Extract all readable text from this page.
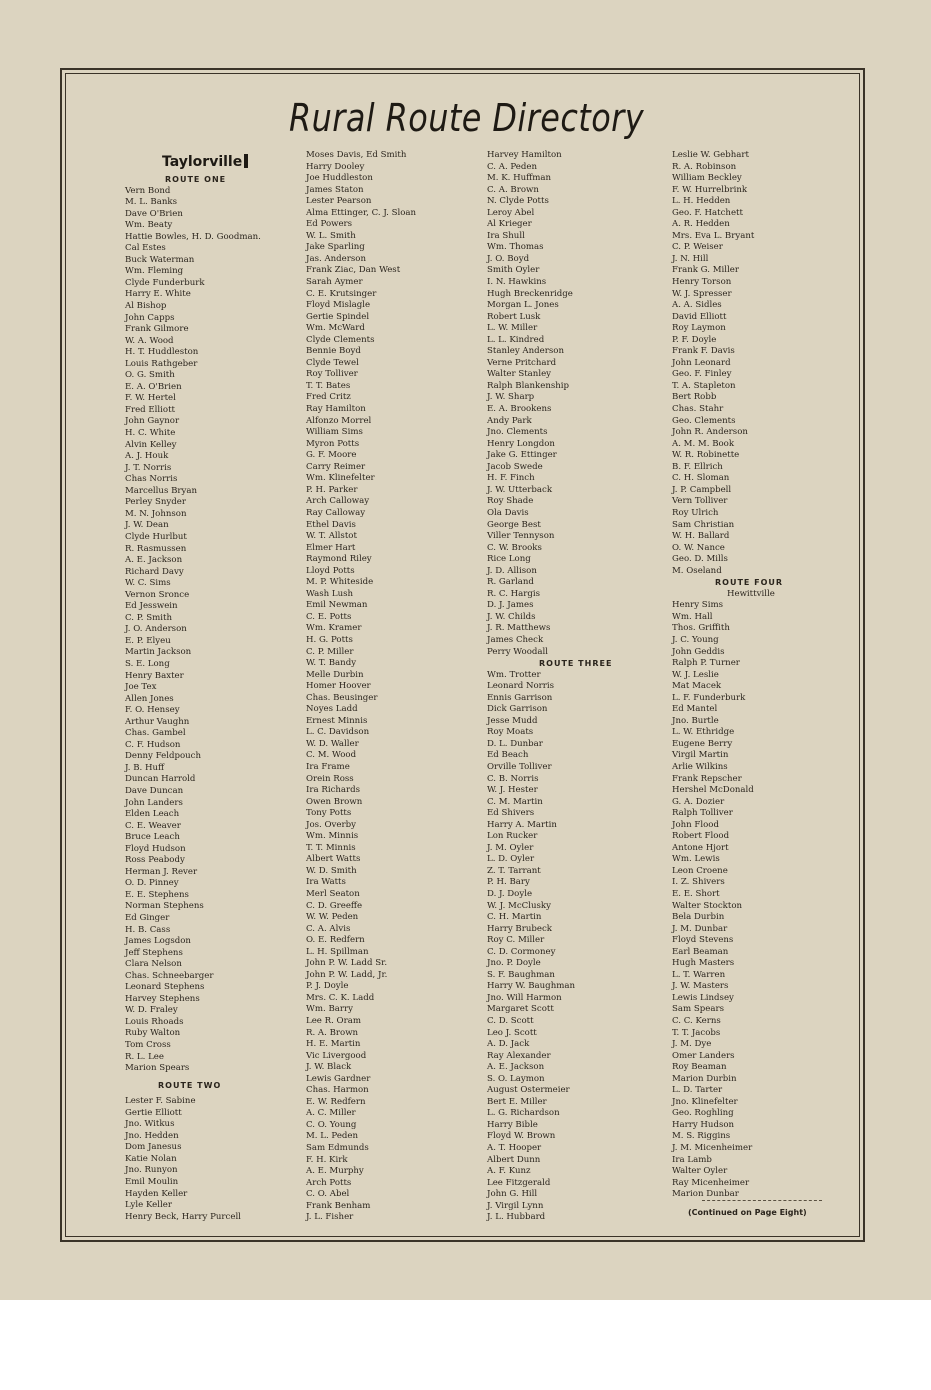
Rural Route Directory
Taylorville
ROUTE ONE
Vern Bond
M. L. Banks
Dave O'Brien
Wm. Beaty
Hattie Bowles, H. D. Goodman.
Cal Estes
Buck Waterman
Wm. Fleming
Clyde Funderburk
Harry E. White
Al Bishop
John Capps
Frank Gilmore
W. A. Wood
H. T. Huddleston
Louis Rathgeber
O. G. Smith
E. A. O'Brien
F. W. Hertel
Fred Elliott
John Gaynor
H. C. White
Alvin Kelley
A. J. Houk
J. T. Norris
Chas Norris
Marcellus Bryan
Perley Snyder
M. N. Johnson
J. W. Dean
Clyde Hurlbut
R. Rasmussen
A. E. Jackson
Richard Davy
W. C. Sims
Vernon Sronce
Ed Jesswein
C. P. Smith
J. O. Anderson
E. P. Elyeu
Martin Jackson
S. E. Long
Henry Baxter
Joe Tex
Allen Jones
F. O. Hensey
Arthur Vaughn
Chas. Gambel
C. F. Hudson
Denny Feldpouch
J. B. Huff
Duncan Harrold
Dave Duncan
John Landers
Elden Leach
C. E. Weaver
Bruce Leach
Floyd Hudson
Ross Peabody
Herman J. Rever
O. D. Pinney
E. E. Stephens
Norman Stephens
Ed Ginger
H. B. Cass
James Logsdon
Jeff Stephens
Clara Nelson
Chas. Schneebarger
Leonard Stephens
Harvey Stephens
W. D. Fraley
Louis Rhoads
Ruby Walton
Tom Cross
R. L. Lee
Marion Spears
ROUTE TWO
Lester F. Sabine
Gertie Elliott
Jno. Witkus
Jno. Hedden
Dom Janesus
Katie Nolan
Jno. Runyon
Emil Moulin
Hayden Keller
Lyle Keller
Henry Beck, Harry Purcell
Moses Davis, Ed Smith
Harry Dooley
Joe Huddleston
James Staton
Lester Pearson
Alma Ettinger, C. J. Sloan
Ed Powers
W. L. Smith
Jake Sparling
Jas. Anderson
Frank Ziac, Dan West
Sarah Aymer
C. E. Krutsinger
Floyd Mislagle
Gertie Spindel
Wm. McWard
Clyde Clements
Bennie Boyd
Clyde Tewel
Roy Tolliver
T. T. Bates
Fred Critz
Ray Hamilton
Alfonzo Morrel
William Sims
Myron Potts
G. F. Moore
Carry Reimer
Wm. Klinefelter
P. H. Parker
Arch Calloway
Ray Calloway
Ethel Davis
W. T. Allstot
Elmer Hart
Raymond Riley
Lloyd Potts
M. P. Whiteside
Wash Lush
Emil Newman
C. E. Potts
Wm. Kramer
H. G. Potts
C. P. Miller
W. T. Bandy
Melle Durbin
Homer Hoover
Chas. Beusinger
Noyes Ladd
Ernest Minnis
L. C. Davidson
W. D. Waller
C. M. Wood
Ira Frame
Orein Ross
Ira Richards
Owen Brown
Tony Potts
Jos. Overby
Wm. Minnis
T. T. Minnis
Albert Watts
W. D. Smith
Ira Watts
Merl Seaton
C. D. Greeffe
W. W. Peden
C. A. Alvis
O. E. Redfern
L. H. Spillman
John P. W. Ladd Sr.
John P. W. Ladd, Jr.
P. J. Doyle
Mrs. C. K. Ladd
Wm. Barry
Lee R. Oram
R. A. Brown
H. E. Martin
Vic Livergood
J. W. Black
Lewis Gardner
Chas. Harmon
E. W. Redfern
A. C. Miller
C. O. Young
M. L. Peden
Sam Edmunds
F. H. Kirk
A. E. Murphy
Arch Potts
C. O. Abel
Frank Benham
J. L. Fisher
Harvey Hamilton
C. A. Peden
M. K. Huffman
C. A. Brown
N. Clyde Potts
Leroy Abel
Al Krieger
Ira Shull
Wm. Thomas
J. O. Boyd
Smith Oyler
I. N. Hawkins
Hugh Breckenridge
Morgan L. Jones
Robert Lusk
L. W. Miller
L. L. Kindred
Stanley Anderson
Verne Pritchard
Walter Stanley
Ralph Blankenship
J. W. Sharp
E. A. Brookens
Andy Park
Jno. Clements
Henry Longdon
Jake G. Ettinger
Jacob Swede
H. F. Finch
J. W. Utterback
Roy Shade
Ola Davis
George Best
Viller Tennyson
C. W. Brooks
Rice Long
J. D. Allison
R. Garland
R. C. Hargis
D. J. James
J. W. Childs
J. R. Matthews
James Check
Perry Woodall
ROUTE THREE
Wm. Trotter
Leonard Norris
Ennis Garrison
Dick Garrison
Jesse Mudd
Roy Moats
D. L. Dunbar
Ed Beach
Orville Tolliver
C. B. Norris
W. J. Hester
C. M. Martin
Ed Shivers
Harry A. Martin
Lon Rucker
J. M. Oyler
L. D. Oyler
Z. T. Tarrant
P. H. Bary
D. J. Doyle
W. J. McClusky
C. H. Martin
Harry Brubeck
Roy C. Miller
C. D. Cormoney
Jno. P. Doyle
S. F. Baughman
Harry W. Baughman
Jno. Will Harmon
Margaret Scott
C. D. Scott
Leo J. Scott
A. D. Jack
Ray Alexander
A. E. Jackson
S. O. Laymon
August Ostermeier
Bert E. Miller
L. G. Richardson
Harry Bible
Floyd W. Brown
A. T. Hooper
Albert Dunn
A. F. Kunz
Lee Fitzgerald
John G. Hill
J. Virgil Lynn
J. L. Hubbard
Leslie W. Gebhart
R. A. Robinson
William Beckley
F. W. Hurrelbrink
L. H. Hedden
Geo. F. Hatchett
A. R. Hedden
Mrs. Eva L. Bryant
C. P. Weiser
J. N. Hill
Frank G. Miller
Henry Torson
W. J. Spresser
A. A. Sidles
David Elliott
Roy Laymon
P. F. Doyle
Frank F. Davis
John Leonard
Geo. F. Finley
T. A. Stapleton
Bert Robb
Chas. Stahr
Geo. Clements
John R. Anderson
A. M. M. Book
W. R. Robinette
B. F. Ellrich
C. H. Sloman
J. P. Campbell
Vern Tolliver
Roy Ulrich
Sam Christian
W. H. Ballard
O. W. Nance
Geo. D. Mills
M. Oseland
ROUTE FOUR
Hewittville
Henry Sims
Wm. Hall
Thos. Griffith
J. C. Young
John Geddis
Ralph P. Turner
W. J. Leslie
Mat Macek
L. F. Funderburk
Ed Mantel
Jno. Burtle
L. W. Ethridge
Eugene Berry
Virgil Martin
Arlie Wilkins
Frank Repscher
Hershel McDonald
G. A. Dozier
Ralph Tolliver
John Flood
Robert Flood
Antone Hjort
Wm. Lewis
Leon Croene
I. Z. Shivers
E. E. Short
Walter Stockton
Bela Durbin
J. M. Dunbar
Floyd Stevens
Earl Beaman
Hugh Masters
L. T. Warren
J. W. Masters
Lewis Lindsey
Sam Spears
C. C. Kerns
T. T. Jacobs
J. M. Dye
Omer Landers
Roy Beaman
Marion Durbin
L. D. Tarter
Jno. Klinefelter
Geo. Roghling
Harry Hudson
M. S. Riggins
J. M. Micenheimer
Ira Lamb
Walter Oyler
Ray Micenheimer
Marion Dunbar
(Continued on Page Eight)
